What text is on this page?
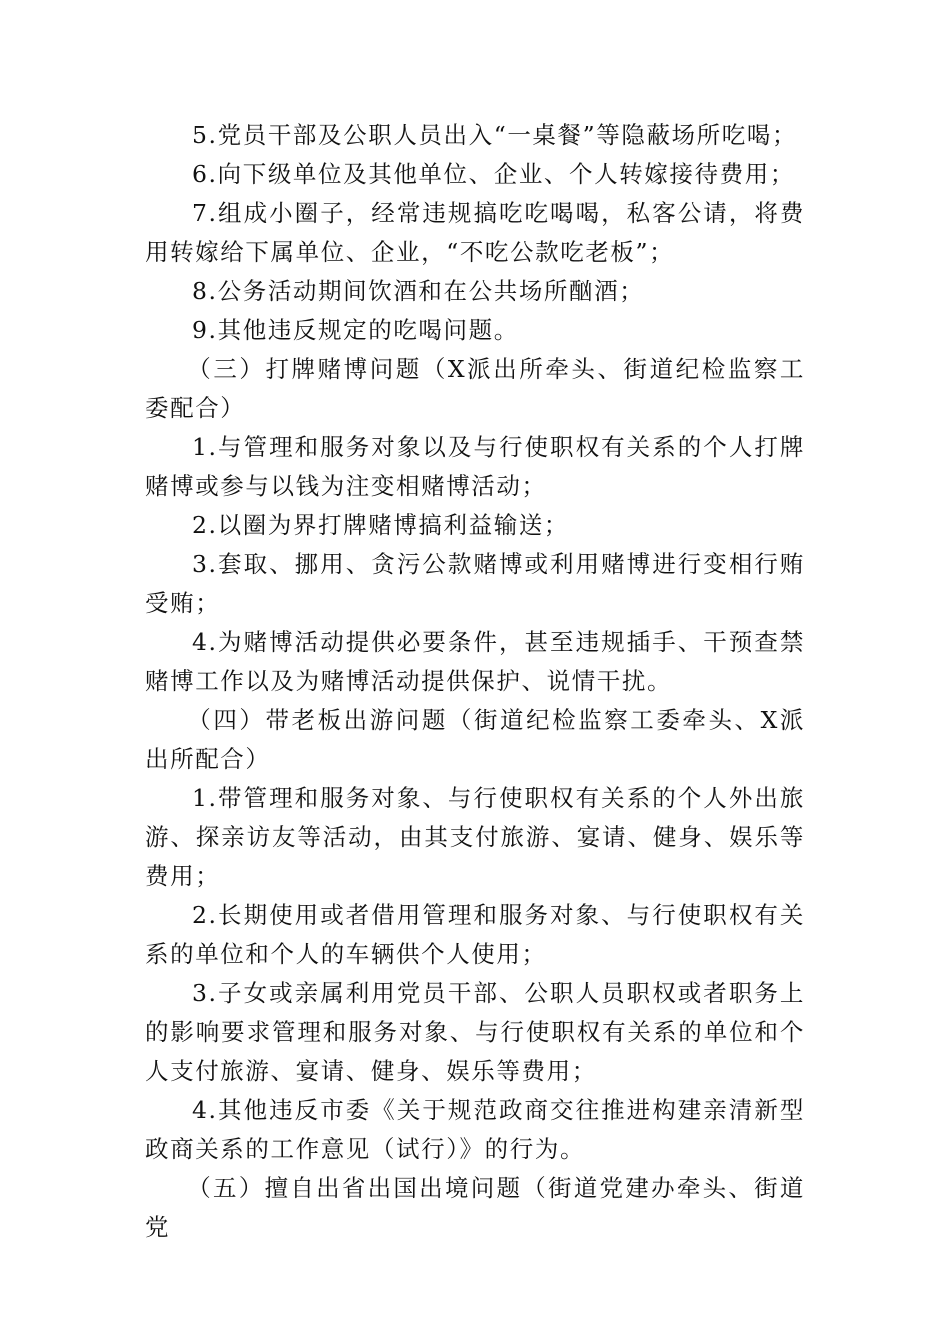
5.党员干部及公职人员出入“一桌餐”等隐蔽场所吃喝；

6.向下级单位及其他单位、企业、个人转嫁接待费用；

7.组成小圈子，经常违规搞吃吃喝喝，私客公请，将费用转嫁给下属单位、企业，“不吃公款吃老板”；

8.公务活动期间饮酒和在公共场所酗酒；

9.其他违反规定的吃喝问题。

（三）打牌赌博问题（X派出所牵头、街道纪检监察工委配合）

1.与管理和服务对象以及与行使职权有关系的个人打牌赌博或参与以钱为注变相赌博活动；

2.以圈为界打牌赌博搞利益输送；

3.套取、挪用、贪污公款赌博或利用赌博进行变相行贿受贿；

4.为赌博活动提供必要条件，甚至违规插手、干预查禁赌博工作以及为赌博活动提供保护、说情干扰。

（四）带老板出游问题（街道纪检监察工委牵头、X派出所配合）

1.带管理和服务对象、与行使职权有关系的个人外出旅游、探亲访友等活动，由其支付旅游、宴请、健身、娱乐等费用；

2.长期使用或者借用管理和服务对象、与行使职权有关系的单位和个人的车辆供个人使用；

3.子女或亲属利用党员干部、公职人员职权或者职务上的影响要求管理和服务对象、与行使职权有关系的单位和个人支付旅游、宴请、健身、娱乐等费用；

4.其他违反市委《关于规范政商交往推进构建亲清新型政商关系的工作意见（试行）》的行为。

（五）擅自出省出国出境问题（街道党建办牵头、街道党
